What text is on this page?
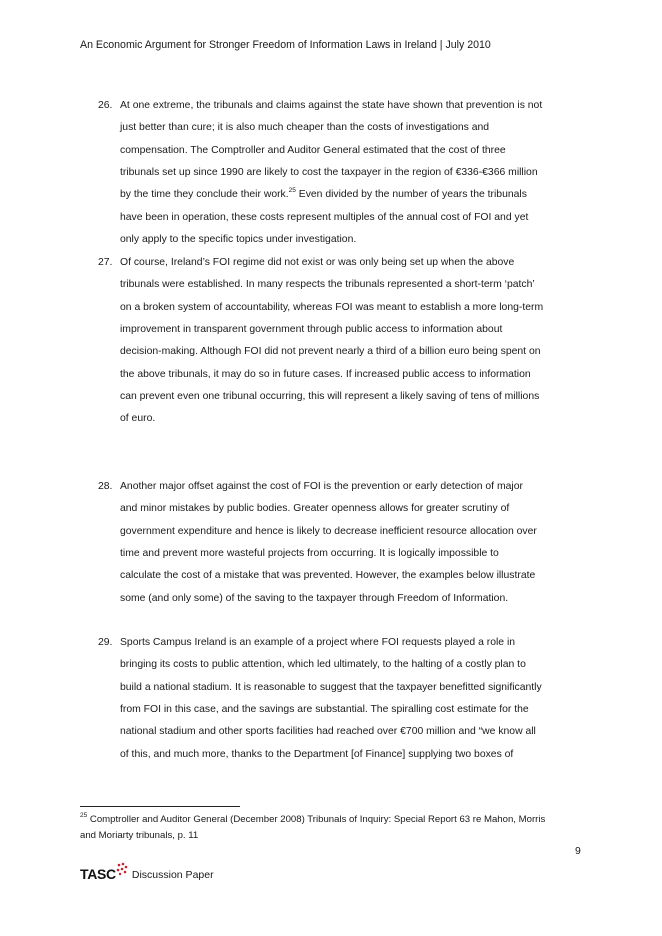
An Economic Argument for Stronger Freedom of Information Laws in Ireland | July 2010
26. At one extreme, the tribunals and claims against the state have shown that prevention is not
just better than cure; it is also much cheaper than the costs of investigations and
compensation. The Comptroller and Auditor General estimated that the cost of three
tribunals set up since 1990 are likely to cost the taxpayer in the region of €336-€366 million
by the time they conclude their work.$^{25}$ Even divided by the number of years the tribunals
have been in operation, these costs represent multiples of the annual cost of FOI and yet
only apply to the specific topics under investigation.
27. Of course, Ireland’s FOI regime did not exist or was only being set up when the above
tribunals were established. In many respects the tribunals represented a short-term ‘patch’
on a broken system of accountability, whereas FOI was meant to establish a more long-term
improvement in transparent government through public access to information about
decision-making. Although FOI did not prevent nearly a third of a billion euro being spent on
the above tribunals, it may do so in future cases. If increased public access to information
can prevent even one tribunal occurring, this will represent a likely saving of tens of millions
of euro.
28. Another major offset against the cost of FOI is the prevention or early detection of major
and minor mistakes by public bodies. Greater openness allows for greater scrutiny of
government expenditure and hence is likely to decrease inefficient resource allocation over
time and prevent more wasteful projects from occurring. It is logically impossible to
calculate the cost of a mistake that was prevented. However, the examples below illustrate
some (and only some) of the saving to the taxpayer through Freedom of Information.
29. Sports Campus Ireland is an example of a project where FOI requests played a role in
bringing its costs to public attention, which led ultimately, to the halting of a costly plan to
build a national stadium. It is reasonable to suggest that the taxpayer benefitted significantly
from FOI in this case, and the savings are substantial. The spiralling cost estimate for the
national stadium and other sports facilities had reached over €700 million and “we know all
of this, and much more, thanks to the Department [of Finance] supplying two boxes of
$^{25}$ Comptroller and Auditor General (December 2008) Tribunals of Inquiry: Special Report 63 re Mahon, Morris
and Moriarty tribunals, p. 11
9
TASC Discussion Paper
